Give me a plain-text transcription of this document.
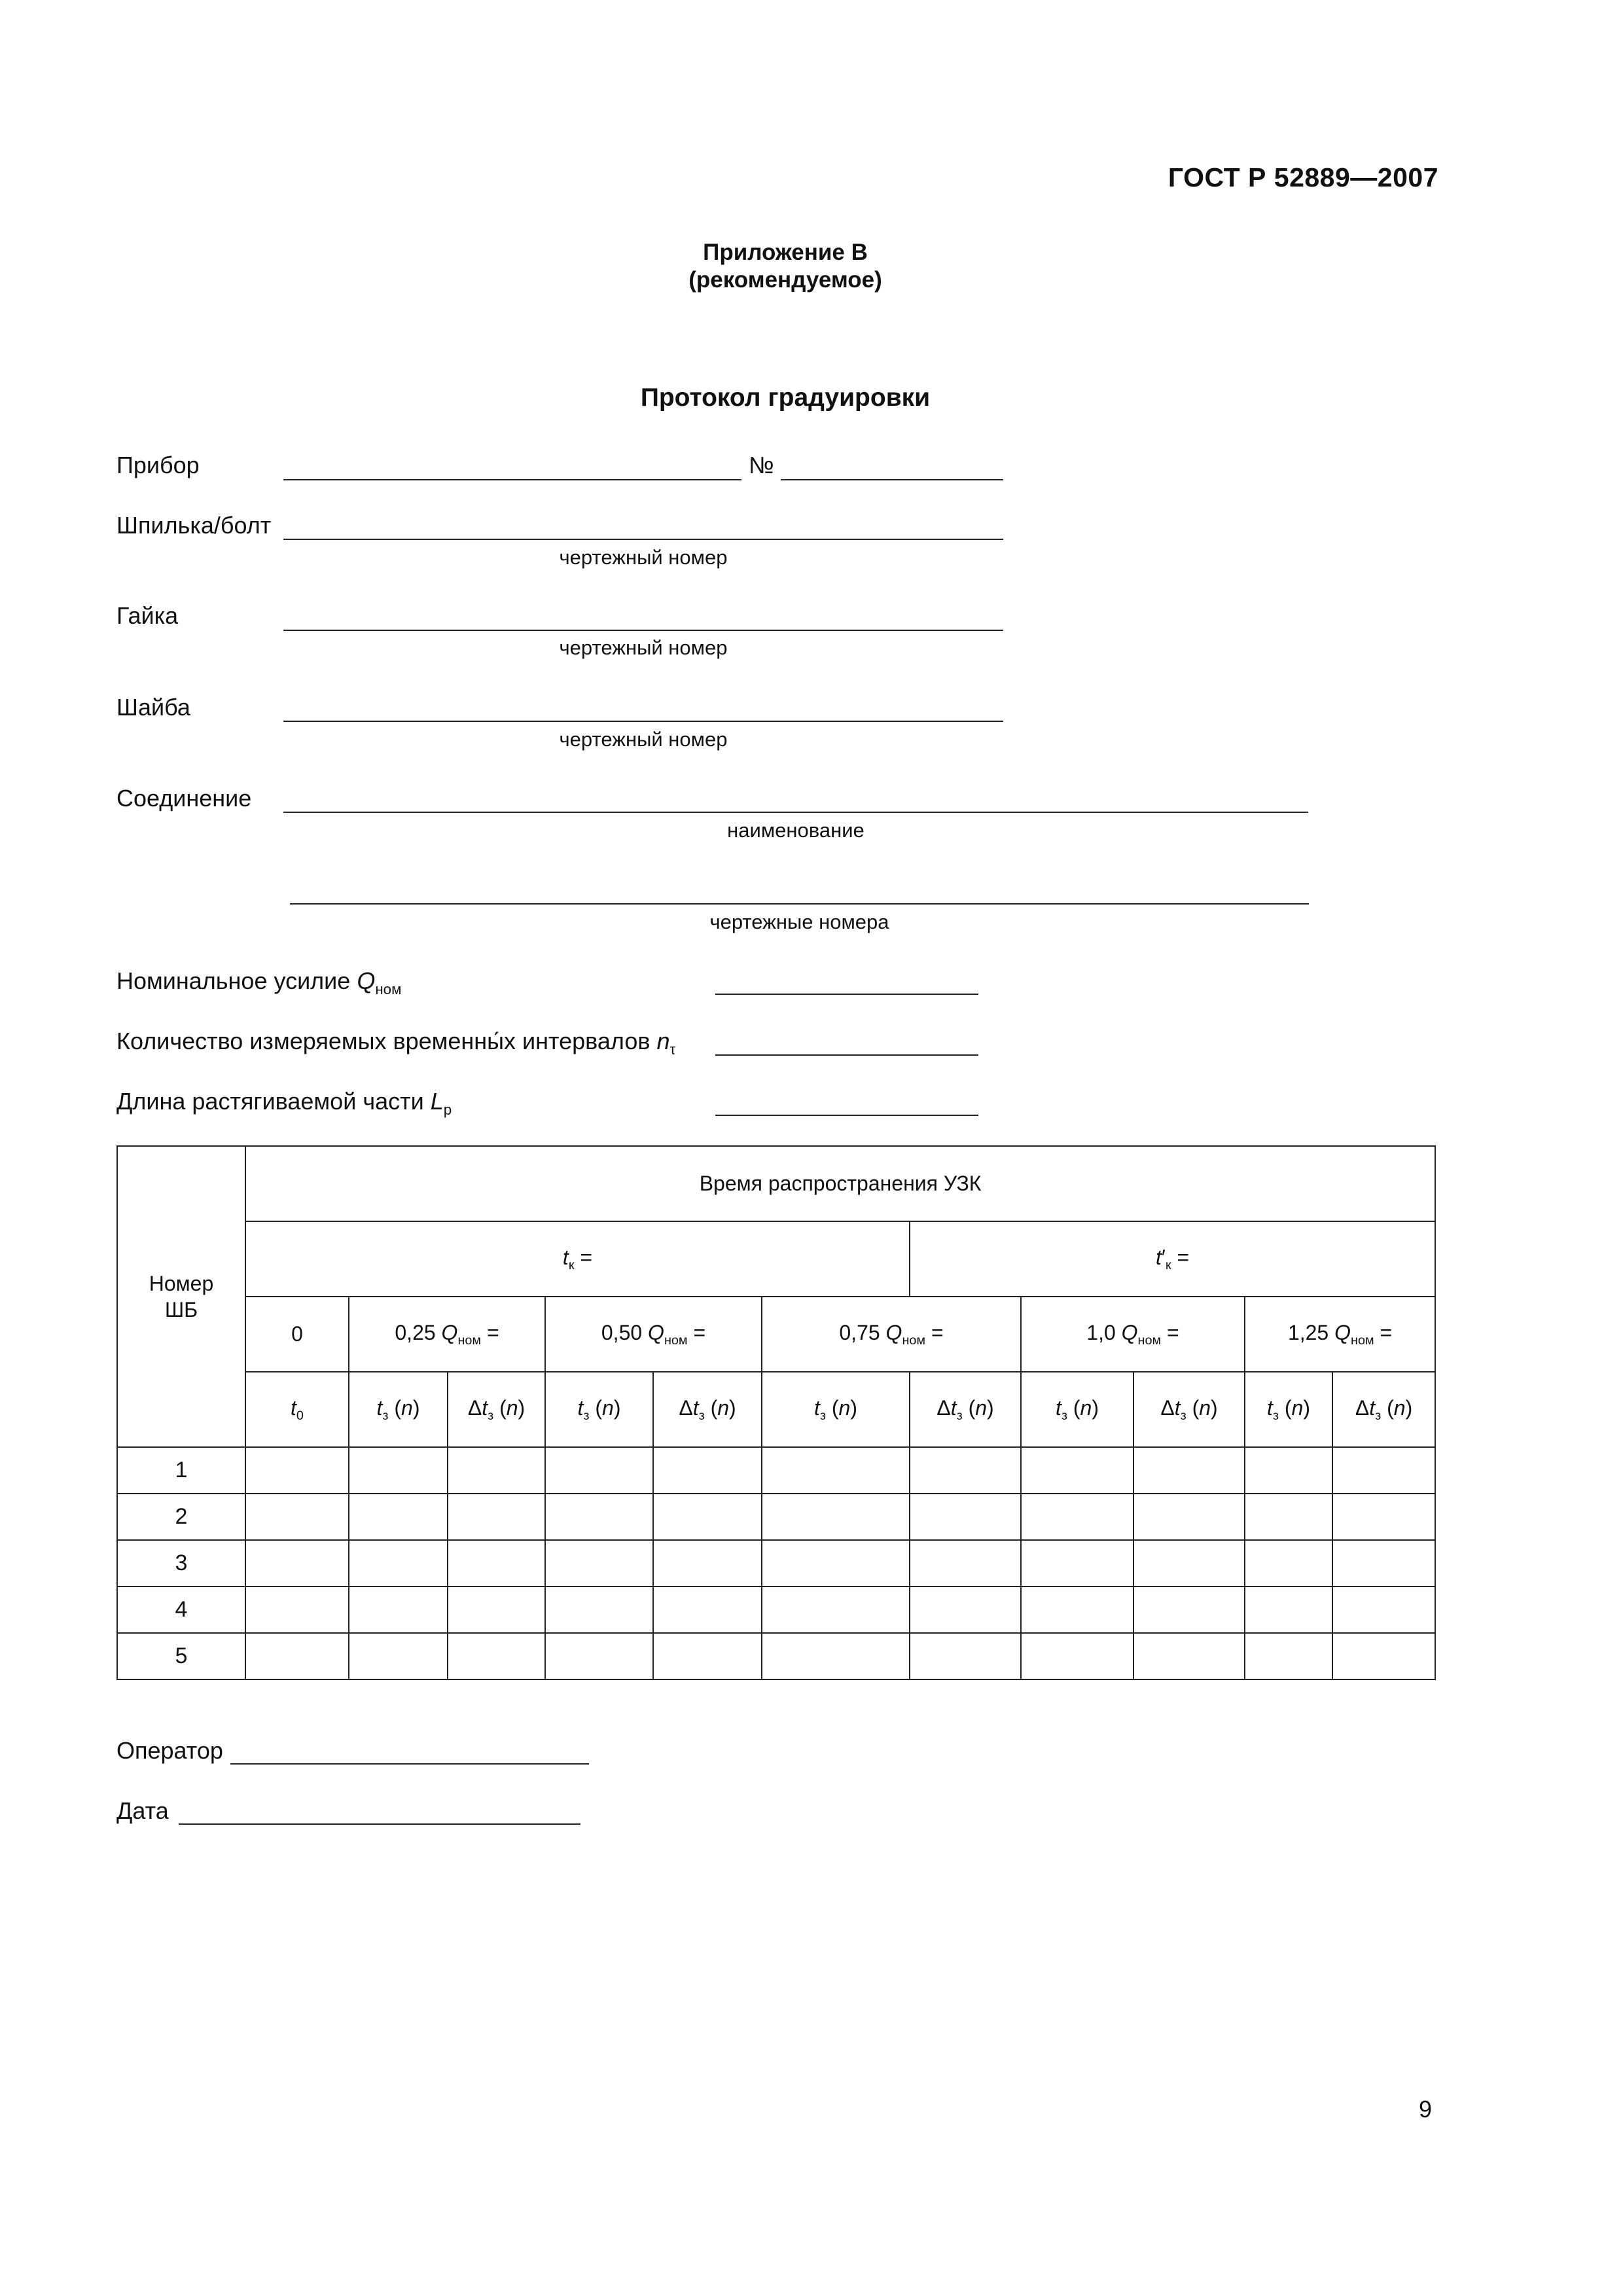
ГОСТ Р 52889—2007
Приложение В
(рекомендуемое)
Протокол градуировки
Прибор	№
Шпилька/болт
чертежный номер
Гайка
чертежный номер
Шайба
чертежный номер
Соединение
наименование
чертежные номера
Номинальное усилие $Q_{ном}$
Количество измеряемых временны́х интервалов $n_\tau$
Длина растягиваемой части $L_р$
Номер ШБ	Время распространения УЗК										
	$t_к$ =						$t'_к$ =				
	0	0,25 $Q_{ном}$ =		0,50 $Q_{ном}$ =		0,75 $Q_{ном}$ =		1,0 $Q_{ном}$ =		1,25 $Q_{ном}$ =	
	$t_0$	$t_з$ (n)	$\Delta t_з$ (n)	$t_з$ (n)	$\Delta t_з$ (n)	$t_з$ (n)	$\Delta t_з$ (n)	$t_з$ (n)	$\Delta t_з$ (n)	$t_з$ (n)	$\Delta t_з$ (n)
1											
2											
3											
4											
5											
Оператор
Дата
9
